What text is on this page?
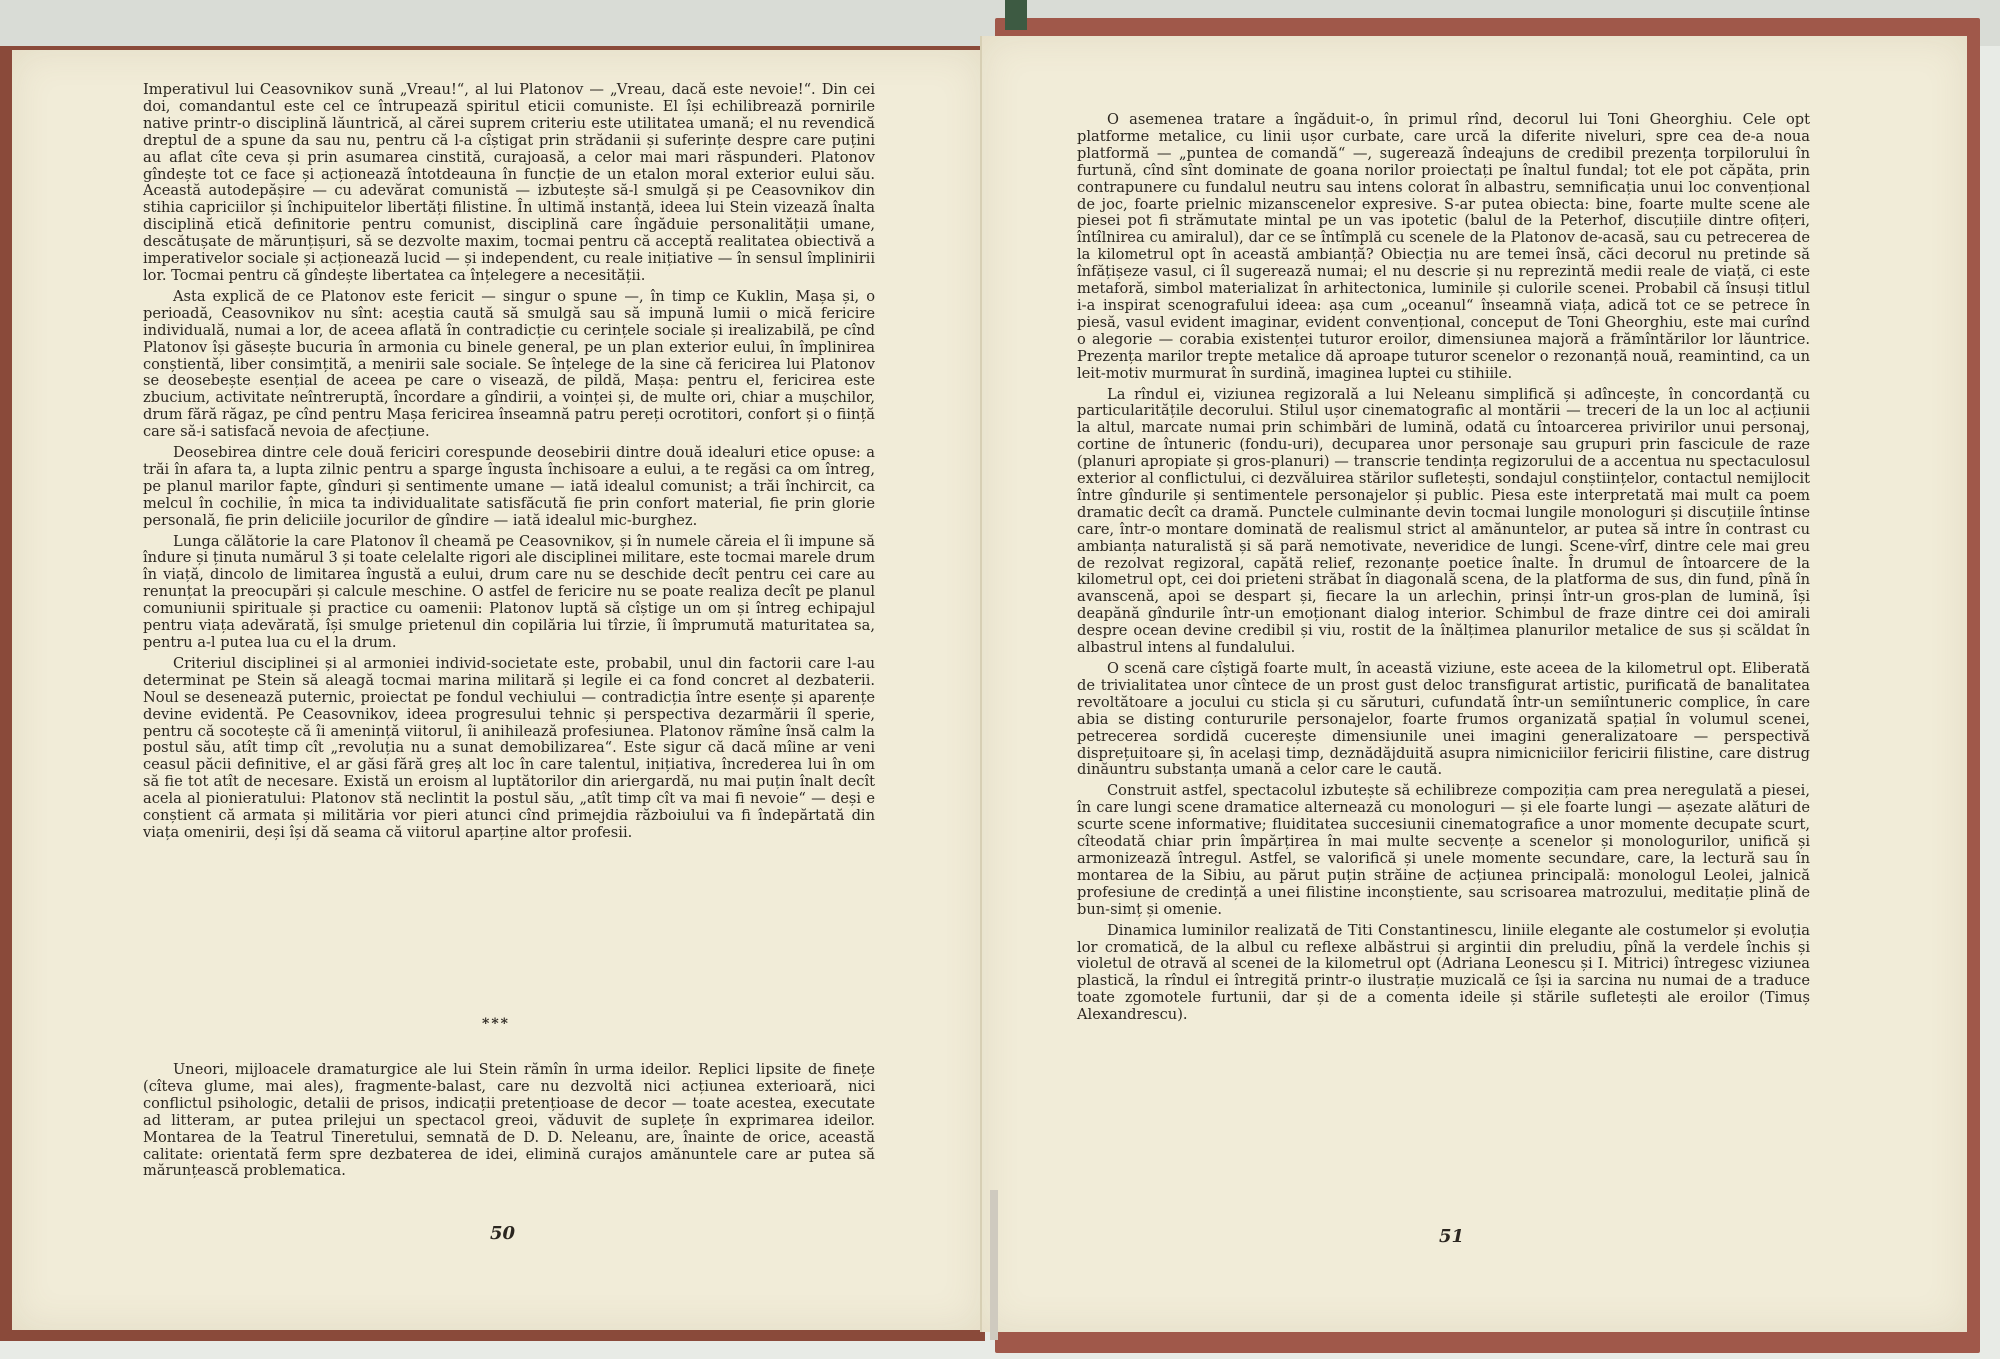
Imperativul lui Ceasovnikov sună „Vreau!“, al lui Platonov — „Vreau, dacă este nevoie!“. Din cei doi, comandantul este cel ce întrupează spiritul eticii comuniste. El își echilibrează pornirile native printr-o disciplină lăuntrică, al cărei suprem criteriu este utilitatea umană; el nu revendică dreptul de a spune da sau nu, pentru că l-a cîștigat prin strădanii și suferințe despre care puțini au aflat cîte ceva și prin asumarea cinstită, curajoasă, a celor mai mari răspunderi. Platonov gîndește tot ce face și acționează întotdeauna în funcție de un etalon moral exterior eului său. Această autodepășire — cu adevărat comunistă — izbutește să-l smulgă și pe Ceasovnikov din stihia capriciilor și închipuitelor libertăți filistine. În ultimă instanță, ideea lui Stein vizează înalta disciplină etică definitorie pentru comunist, disciplină care îngăduie personalității umane, descătușate de mărunțișuri, să se dezvolte maxim, tocmai pentru că acceptă realitatea obiectivă a imperativelor sociale și acționează lucid — și independent, cu reale inițiative — în sensul împlinirii lor. Tocmai pentru că gîndește libertatea ca înțelegere a necesității.

Asta explică de ce Platonov este fericit — singur o spune —, în timp ce Kuklin, Mașa și, o perioadă, Ceasovnikov nu sînt: aceștia caută să smulgă sau să impună lumii o mică fericire individuală, numai a lor, de aceea aflată în contradicție cu cerințele sociale și irealizabilă, pe cînd Platonov își găsește bucuria în armonia cu binele general, pe un plan exterior eului, în împlinirea conștientă, liber consimțită, a menirii sale sociale. Se înțelege de la sine că fericirea lui Platonov se deosebește esențial de aceea pe care o visează, de pildă, Mașa: pentru el, fericirea este zbucium, activitate neîntreruptă, încordare a gîndirii, a voinței și, de multe ori, chiar a mușchilor, drum fără răgaz, pe cînd pentru Mașa fericirea înseamnă patru pereți ocrotitori, confort și o ființă care să-i satisfacă nevoia de afecțiune.

Deosebirea dintre cele două fericiri corespunde deosebirii dintre două idealuri etice opuse: a trăi în afara ta, a lupta zilnic pentru a sparge îngusta închisoare a eului, a te regăsi ca om întreg, pe planul marilor fapte, gînduri și sentimente umane — iată idealul comunist; a trăi închircit, ca melcul în cochilie, în mica ta individualitate satisfăcută fie prin confort material, fie prin glorie personală, fie prin deliciile jocurilor de gîndire — iată idealul mic-burghez.

Lunga călătorie la care Platonov îl cheamă pe Ceasovnikov, și în numele căreia el îi impune să îndure și ținuta numărul 3 și toate celelalte rigori ale disciplinei militare, este tocmai marele drum în viață, dincolo de limitarea îngustă a eului, drum care nu se deschide decît pentru cei care au renunțat la preocupări și calcule meschine. O astfel de fericire nu se poate realiza decît pe planul comuniunii spirituale și practice cu oamenii: Platonov luptă să cîștige un om și întreg echipajul pentru viața adevărată, își smulge prietenul din copilăria lui tîrzie, îi împrumută maturitatea sa, pentru a-l putea lua cu el la drum.

Criteriul disciplinei și al armoniei individ-societate este, probabil, unul din factorii care l-au determinat pe Stein să aleagă tocmai marina militară și legile ei ca fond concret al dezbaterii. Noul se desenează puternic, proiectat pe fondul vechiului — contradicția între esențe și aparențe devine evidentă. Pe Ceasovnikov, ideea progresului tehnic și perspectiva dezarmării îl sperie, pentru că socotește că îi amenință viitorul, îi anihilează profesiunea. Platonov rămîne însă calm la postul său, atît timp cît „revoluția nu a sunat demobilizarea“. Este sigur că dacă mîine ar veni ceasul păcii definitive, el ar găsi fără greș alt loc în care talentul, inițiativa, încrederea lui în om să fie tot atît de necesare. Există un eroism al luptătorilor din ariergardă, nu mai puțin înalt decît acela al pionieratului: Platonov stă neclintit la postul său, „atît timp cît va mai fi nevoie“ — deși e conștient că armata și milităria vor pieri atunci cînd primejdia războiului va fi îndepărtată din viața omenirii, deși își dă seama că viitorul aparține altor profesii.

***

Uneori, mijloacele dramaturgice ale lui Stein rămîn în urma ideilor. Replici lipsite de finețe (cîteva glume, mai ales), fragmente-balast, care nu dezvoltă nici acțiunea exterioară, nici conflictul psihologic, detalii de prisos, indicații pretențioase de decor — toate acestea, executate ad litteram, ar putea prilejui un spectacol greoi, văduvit de suplețe în exprimarea ideilor. Montarea de la Teatrul Tineretului, semnată de D. D. Neleanu, are, înainte de orice, această calitate: orientată ferm spre dezbaterea de idei, elimină curajos amănuntele care ar putea să mărunțească problematica.

50

O asemenea tratare a îngăduit-o, în primul rînd, decorul lui Toni Gheorghiu. Cele opt platforme metalice, cu linii ușor curbate, care urcă la diferite niveluri, spre cea de-a noua platformă — „puntea de comandă“ —, sugerează îndeajuns de credibil prezența torpilorului în furtună, cînd sînt dominate de goana norilor proiectați pe înaltul fundal; tot ele pot căpăta, prin contrapunere cu fundalul neutru sau intens colorat în albastru, semnificația unui loc convențional de joc, foarte prielnic mizanscenelor expresive. S-ar putea obiecta: bine, foarte multe scene ale piesei pot fi strămutate mintal pe un vas ipotetic (balul de la Peterhof, discuțiile dintre ofițeri, întîlnirea cu amiralul), dar ce se întîmplă cu scenele de la Platonov de-acasă, sau cu petrecerea de la kilometrul opt în această ambianță? Obiecția nu are temei însă, căci decorul nu pretinde să înfățișeze vasul, ci îl sugerează numai; el nu descrie și nu reprezintă medii reale de viață, ci este metaforă, simbol materializat în arhitectonica, luminile și culorile scenei. Probabil că însuși titlul i-a inspirat scenografului ideea: așa cum „oceanul“ înseamnă viața, adică tot ce se petrece în piesă, vasul evident imaginar, evident convențional, conceput de Toni Gheorghiu, este mai curînd o alegorie — corabia existenței tuturor eroilor, dimensiunea majoră a frămîntărilor lor lăuntrice. Prezența marilor trepte metalice dă aproape tuturor scenelor o rezonanță nouă, reamintind, ca un leit-motiv murmurat în surdină, imaginea luptei cu stihiile.

La rîndul ei, viziunea regizorală a lui Neleanu simplifică și adîncește, în concordanță cu particularitățile decorului. Stilul ușor cinematografic al montării — treceri de la un loc al acțiunii la altul, marcate numai prin schimbări de lumină, odată cu întoarcerea privirilor unui personaj, cortine de întuneric (fondu-uri), decuparea unor personaje sau grupuri prin fascicule de raze (planuri apropiate și gros-planuri) — transcrie tendința regizorului de a accentua nu spectaculosul exterior al conflictului, ci dezvăluirea stărilor sufletești, sondajul conștiințelor, contactul nemijlocit între gîndurile și sentimentele personajelor și public. Piesa este interpretată mai mult ca poem dramatic decît ca dramă. Punctele culminante devin tocmai lungile monologuri și discuțiile întinse care, într-o montare dominată de realismul strict al amănuntelor, ar putea să intre în contrast cu ambianța naturalistă și să pară nemotivate, neveridice de lungi. Scene-vîrf, dintre cele mai greu de rezolvat regizoral, capătă relief, rezonanțe poetice înalte. În drumul de întoarcere de la kilometrul opt, cei doi prieteni străbat în diagonală scena, de la platforma de sus, din fund, pînă în avanscenă, apoi se despart și, fiecare la un arlechin, prinși într-un gros-plan de lumină, își deapănă gîndurile într-un emoționant dialog interior. Schimbul de fraze dintre cei doi amirali despre ocean devine credibil și viu, rostit de la înălțimea planurilor metalice de sus și scăldat în albastrul intens al fundalului.

O scenă care cîștigă foarte mult, în această viziune, este aceea de la kilometrul opt. Eliberată de trivialitatea unor cîntece de un prost gust deloc transfigurat artistic, purificată de banalitatea revoltătoare a jocului cu sticla și cu săruturi, cufundată într-un semiîntuneric complice, în care abia se disting contururile personajelor, foarte frumos organizată spațial în volumul scenei, petrecerea sordidă cucerește dimensiunile unei imagini generalizatoare — perspectivă disprețuitoare și, în același timp, deznădăjduită asupra nimicniciilor fericirii filistine, care distrug dinăuntru substanța umană a celor care le caută.

Construit astfel, spectacolul izbutește să echilibreze compoziția cam prea neregulată a piesei, în care lungi scene dramatice alternează cu monologuri — și ele foarte lungi — așezate alături de scurte scene informative; fluiditatea succesiunii cinematografice a unor momente decupate scurt, cîteodată chiar prin împărțirea în mai multe secvențe a scenelor și monologurilor, unifică și armonizează întregul. Astfel, se valorifică și unele momente secundare, care, la lectură sau în montarea de la Sibiu, au părut puțin străine de acțiunea principală: monologul Leolei, jalnică profesiune de credință a unei filistine inconștiente, sau scrisoarea matrozului, meditație plină de bun-simț și omenie.

Dinamica luminilor realizată de Titi Constantinescu, liniile elegante ale costumelor și evoluția lor cromatică, de la albul cu reflexe albăstrui și argintii din preludiu, pînă la verdele închis și violetul de otravă al scenei de la kilometrul opt (Adriana Leonescu și I. Mitrici) întregesc viziunea plastică, la rîndul ei întregită printr-o ilustrație muzicală ce își ia sarcina nu numai de a traduce toate zgomotele furtunii, dar și de a comenta ideile și stările sufletești ale eroilor (Timuș Alexandrescu).

51
